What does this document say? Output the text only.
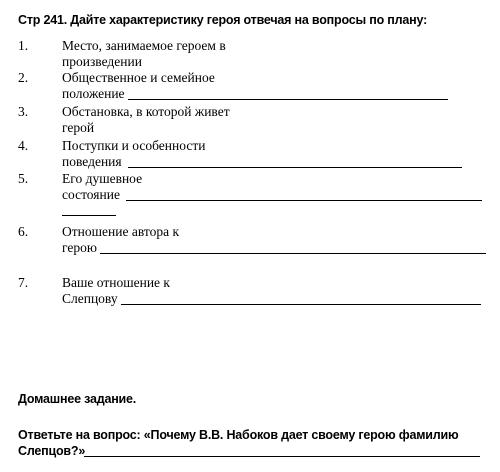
Стр 241. Дайте характеристику героя отвечая на вопросы по плану:
1.	Место, занимаемое героем в
произведении
2.	Общественное и семейное
положение
3.	Обстановка, в которой живет
герой
4.	Поступки и особенности
поведения
5.	Его душевное
состояние
6.	Отношение автора к
герою
7.	Ваше отношение к
Слепцову
Домашнее задание.
Ответьте на вопрос: «Почему В.В. Набоков дает своему герою фамилию
Слепцов?»
